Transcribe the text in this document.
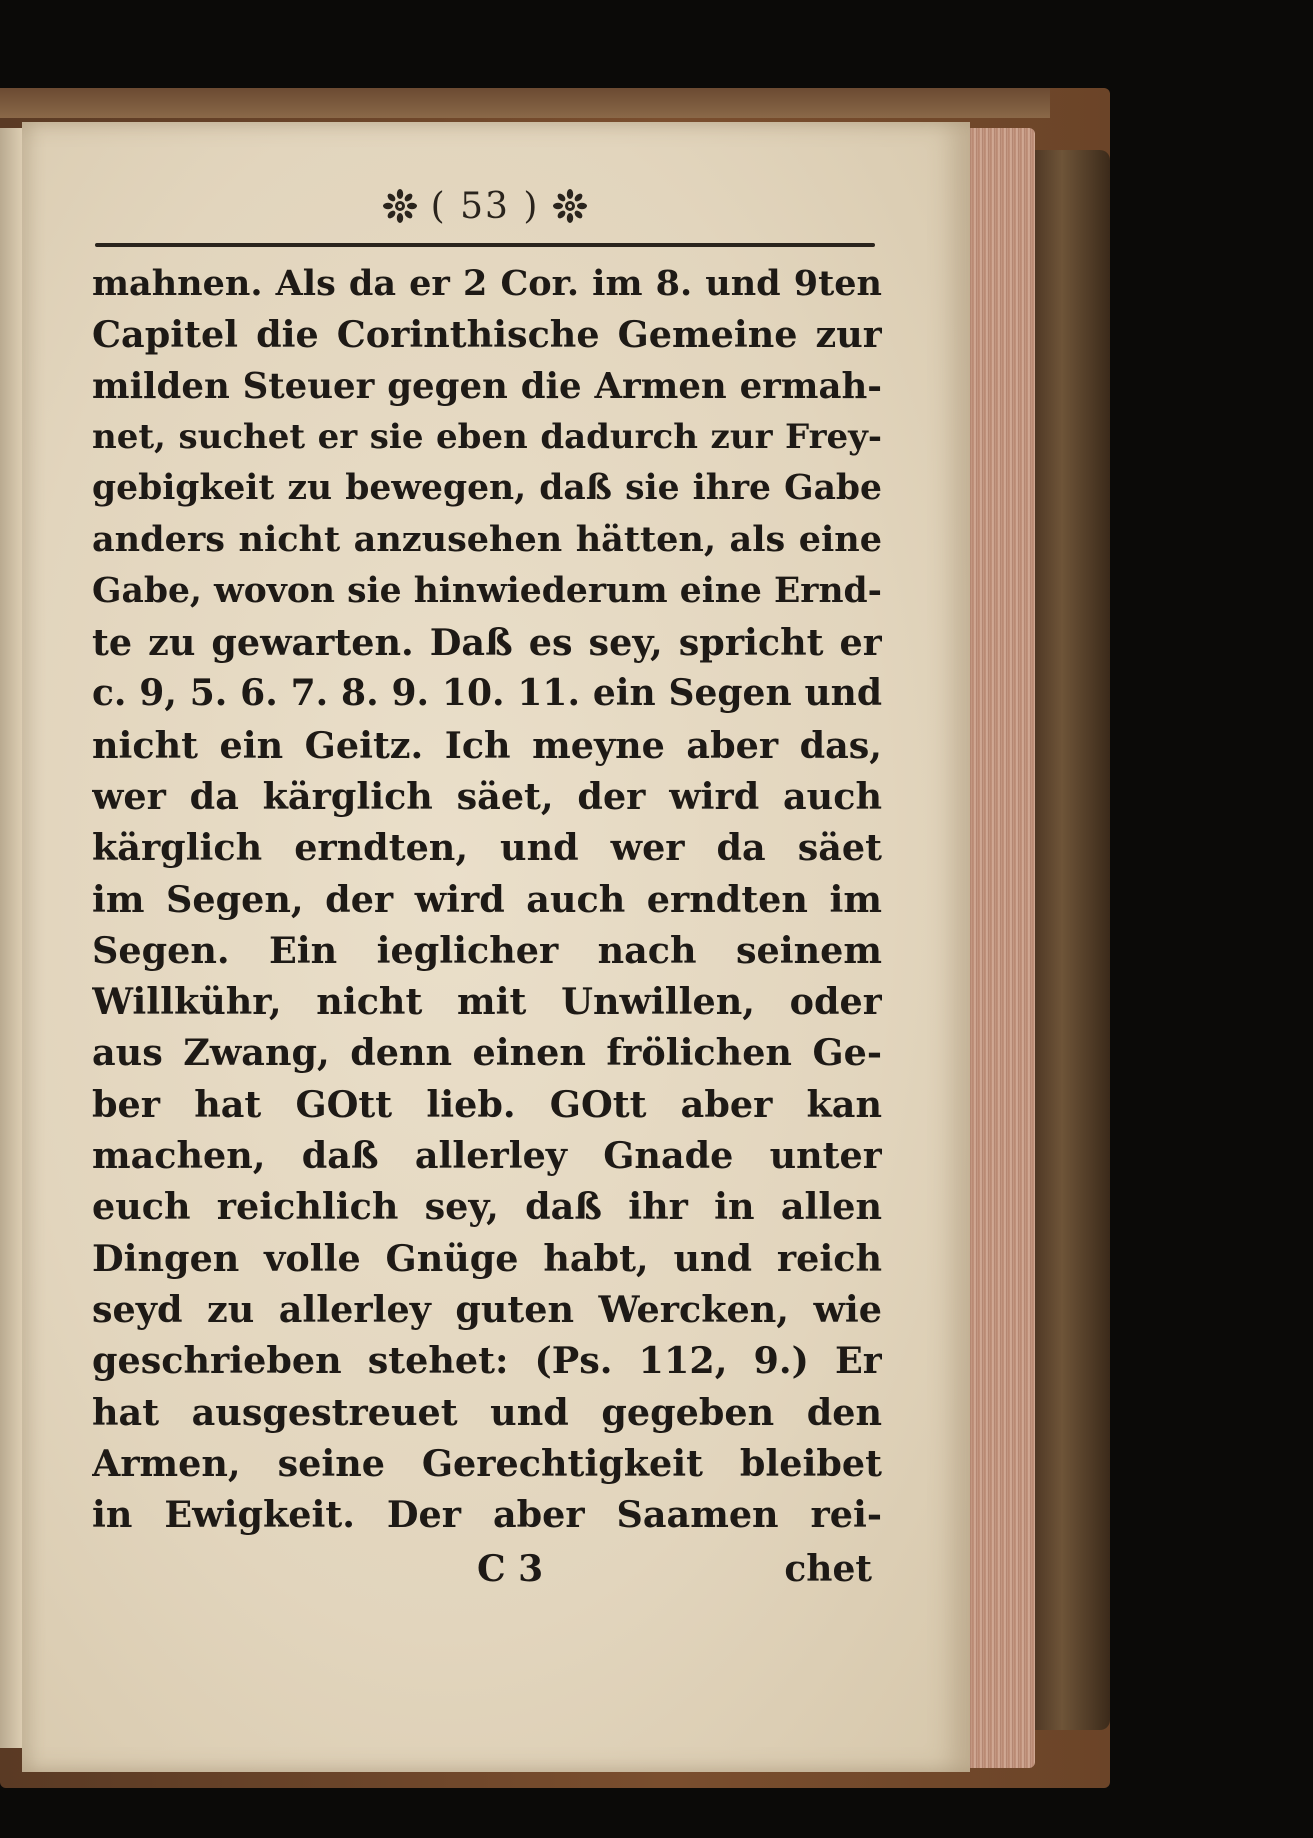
( 53 )
mahnen. Als da er 2 Cor. im 8. und 9ten
Capitel die Corinthische Gemeine zur
milden Steuer gegen die Armen ermah-
net, suchet er sie eben dadurch zur Frey-
gebigkeit zu bewegen, daß sie ihre Gabe
anders nicht anzusehen hätten, als eine
Gabe, wovon sie hinwiederum eine Ernd-
te zu gewarten. Daß es sey, spricht er
c. 9, 5. 6. 7. 8. 9. 10. 11. ein Segen und
nicht ein Geitz. Ich meyne aber das,
wer da kärglich säet, der wird auch
kärglich erndten, und wer da säet
im Segen, der wird auch erndten im
Segen. Ein ieglicher nach seinem
Willkühr, nicht mit Unwillen, oder
aus Zwang, denn einen frölichen Ge-
ber hat GOtt lieb. GOtt aber kan
machen, daß allerley Gnade unter
euch reichlich sey, daß ihr in allen
Dingen volle Gnüge habt, und reich
seyd zu allerley guten Wercken, wie
geschrieben stehet: (Ps. 112, 9.) Er
hat ausgestreuet und gegeben den
Armen, seine Gerechtigkeit bleibet
in Ewigkeit. Der aber Saamen rei-
C 3	chet
